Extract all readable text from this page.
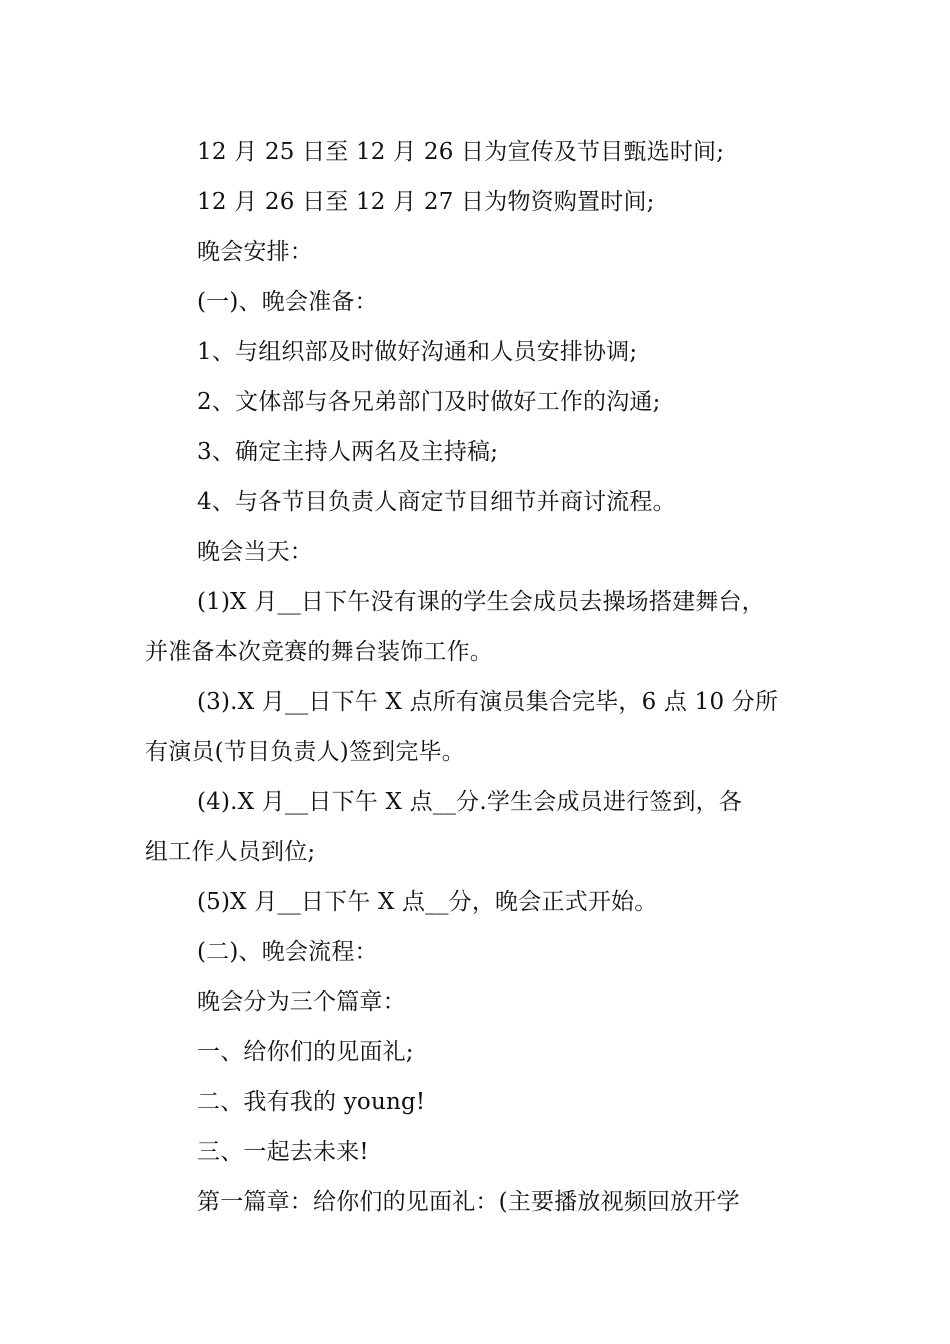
12 月 25 日至 12 月 26 日为宣传及节目甄选时间;

12 月 26 日至 12 月 27 日为物资购置时间;

晚会安排：

(一)、晚会准备：

1、与组织部及时做好沟通和人员安排协调;

2、文体部与各兄弟部门及时做好工作的沟通;

3、确定主持人两名及主持稿;

4、与各节目负责人商定节目细节并商讨流程。

晚会当天：

(1)X 月__日下午没有课的学生会成员去操场搭建舞台，

并准备本次竞赛的舞台装饰工作。

(3).X 月__日下午 X 点所有演员集合完毕，6 点 10 分所

有演员(节目负责人)签到完毕。

(4).X 月__日下午 X 点__分.学生会成员进行签到，各

组工作人员到位;

(5)X 月__日下午 X 点__分，晚会正式开始。

(二)、晚会流程：

晚会分为三个篇章：

一、给你们的见面礼;

二、我有我的 young!

三、一起去未来!

第一篇章：给你们的见面礼：(主要播放视频回放开学
